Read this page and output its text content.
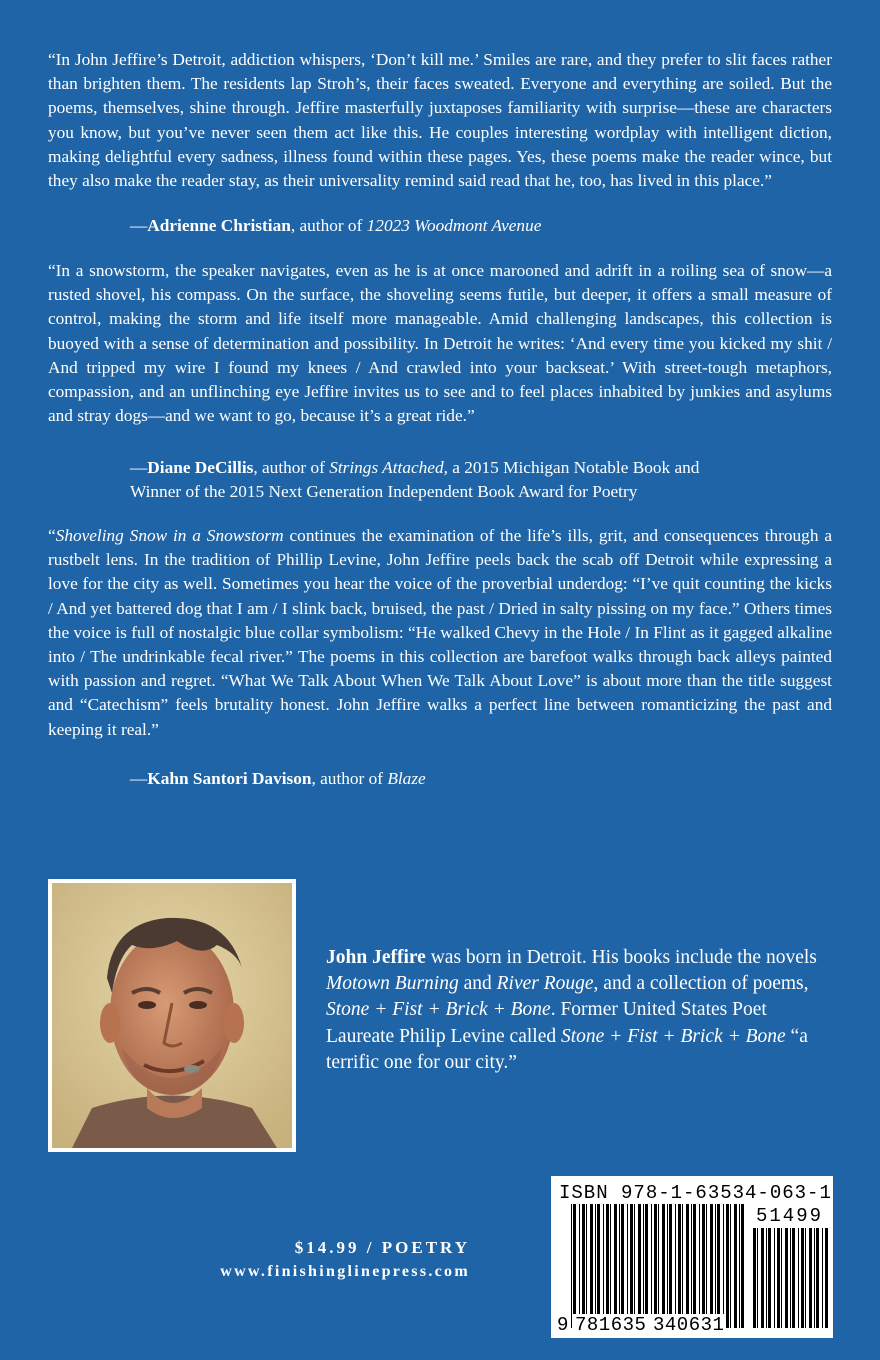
“In John Jeffire’s Detroit, addiction whispers, ‘Don’t kill me.’ Smiles are rare, and they prefer to slit faces rather than brighten them. The residents lap Stroh’s, their faces sweated. Everyone and everything are soiled. But the poems, themselves, shine through. Jeffire masterfully juxtaposes familiarity with surprise—these are characters you know, but you’ve never seen them act like this. He couples interesting wordplay with intelligent diction, making delightful every sadness, illness found within these pages. Yes, these poems make the reader wince, but they also make the reader stay, as their universality remind said read that he, too, has lived in this place.”

—Adrienne Christian, author of 12023 Woodmont Avenue

“In a snowstorm, the speaker navigates, even as he is at once marooned and adrift in a roiling sea of snow—a rusted shovel, his compass. On the surface, the shoveling seems futile, but deeper, it offers a small measure of control, making the storm and life itself more manageable. Amid challenging landscapes, this collection is buoyed with a sense of determination and possibility. In Detroit he writes: ‘And every time you kicked my shit / And tripped my wire I found my knees / And crawled into your backseat.’ With street-tough metaphors, compassion, and an unflinching eye Jeffire invites us to see and to feel places inhabited by junkies and asylums and stray dogs—and we want to go, because it’s a great ride.”

—Diane DeCillis, author of Strings Attached, a 2015 Michigan Notable Book and
Winner of the 2015 Next Generation Independent Book Award for Poetry

“Shoveling Snow in a Snowstorm continues the examination of the life’s ills, grit, and consequences through a rustbelt lens. In the tradition of Phillip Levine, John Jeffire peels back the scab off Detroit while expressing a love for the city as well. Sometimes you hear the voice of the proverbial underdog: “I’ve quit counting the kicks / And yet battered dog that I am / I slink back, bruised, the past / Dried in salty pissing on my face.” Others times the voice is full of nostalgic blue collar symbolism: “He walked Chevy in the Hole / In Flint as it gagged alkaline into / The undrinkable fecal river.” The poems in this collection are barefoot walks through back alleys painted with passion and regret. “What We Talk About When We Talk About Love” is about more than the title suggest and “Catechism” feels brutality honest. John Jeffire walks a perfect line between romanticizing the past and keeping it real.”

—Kahn Santori Davison, author of Blaze

John Jeffire was born in Detroit. His books include the novels Motown Burning and River Rouge, and a collection of poems, Stone + Fist + Brick + Bone. Former United States Poet Laureate Philip Levine called Stone + Fist + Brick + Bone “a terrific one for our city.”

$14.99 / POETRY
www.finishinglinepress.com
ISBN 978-1-63534-063-1
51499
9 781635 340631
